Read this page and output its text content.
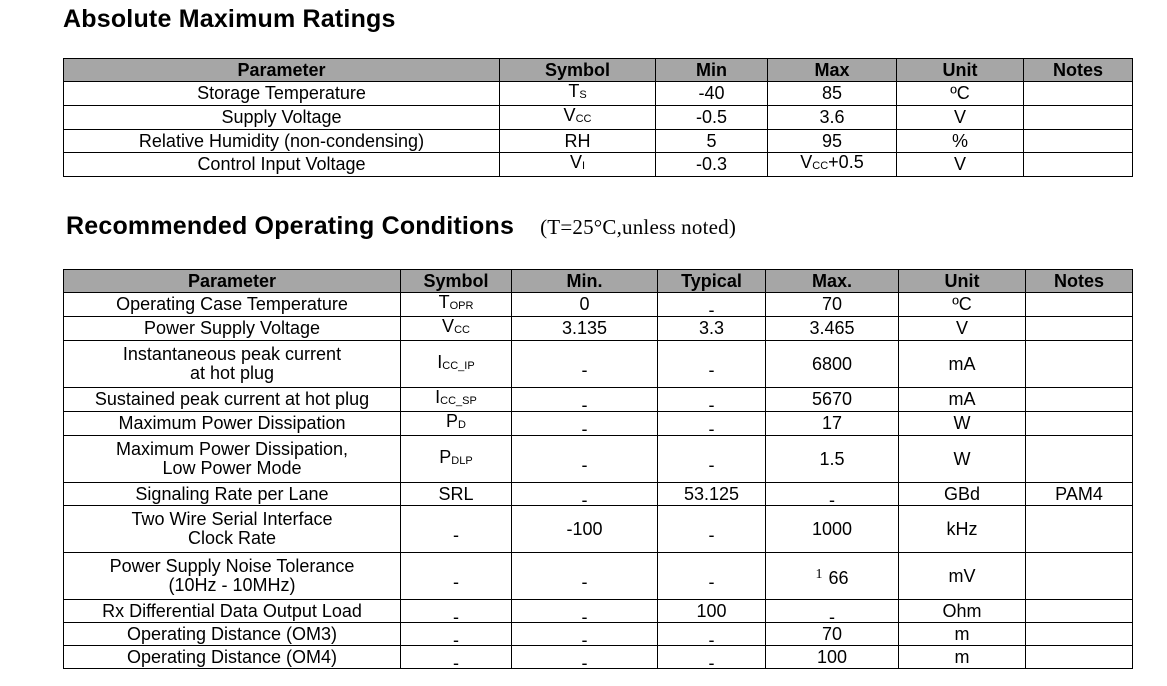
Absolute Maximum Ratings
Parameter	Symbol	Min	Max	Unit	Notes
Storage Temperature	$T_S$	-40	85	ºC	
Supply Voltage	$V_{CC}$	-0.5	3.6	V	
Relative Humidity (non-condensing)	RH	5	95	%	
Control Input Voltage	$V_I$	-0.3	$V_{CC}+0.5$	V	
Recommended Operating Conditions (T=25°C,unless noted)
Parameter	Symbol	Min.	Typical	Max.	Unit	Notes
Operating Case Temperature	$T_{OPR}$	0	-	70	ºC	
Power Supply Voltage	$V_{CC}$	3.135	3.3	3.465	V	
Instantaneous peak current
at hot plug	$I_{CC\_IP}$	-	-	6800	mA	
Sustained peak current at hot plug	$I_{CC\_SP}$	-	-	5670	mA	
Maximum Power Dissipation	$P_D$	-	-	17	W	
Maximum Power Dissipation,
Low Power Mode	$P_{DLP}$	-	-	1.5	W	
Signaling Rate per Lane	SRL	-	53.125	-	GBd	PAM4
Two Wire Serial Interface
Clock Rate	-	-100	-	1000	kHz	
Power Supply Noise Tolerance
(10Hz - 10MHz)	-	-	-	$^1$ 66	mV	
Rx Differential Data Output Load	-	-	100	-	Ohm	
Operating Distance (OM3)	-	-	-	70	m	
Operating Distance (OM4)	-	-	-	100	m	
